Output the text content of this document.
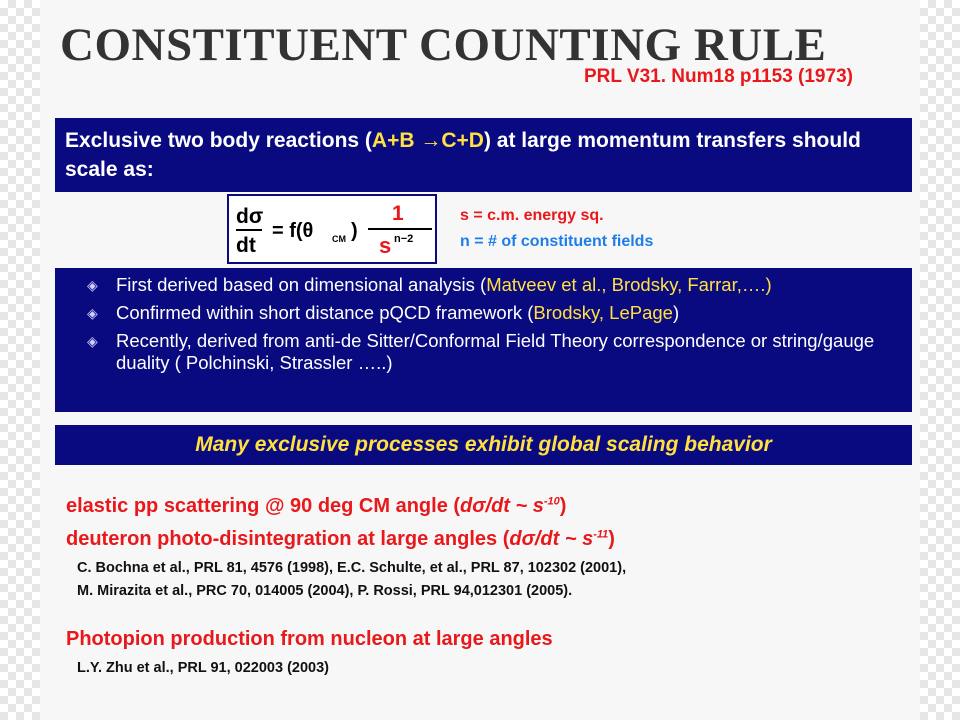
CONSTITUENT COUNTING RULE
PRL V31. Num18 p1153 (1973)
Exclusive two body reactions (A+B →C+D) at large momentum transfers should scale as:
dσ
dt
= f(θ CM )
1
s n−2
s = c.m. energy sq.
n = # of constituent fields
◈ First derived based on dimensional analysis (Matveev et al., Brodsky, Farrar,….)
◈ Confirmed within short distance pQCD framework (Brodsky, LePage)
◈ Recently, derived from anti-de Sitter/Conformal Field Theory correspondence or string/gauge duality ( Polchinski, Strassler …..)
Many exclusive processes exhibit global scaling behavior
elastic pp scattering @ 90 deg CM angle (dσ/dt ~ $s^{-10}$)
deuteron photo-disintegration at large angles (dσ/dt ~ $s^{-11}$)
C. Bochna et al., PRL 81, 4576 (1998), E.C. Schulte, et al., PRL 87, 102302 (2001),
M. Mirazita et al., PRC 70, 014005 (2004), P. Rossi, PRL 94,012301 (2005).
Photopion production from nucleon at large angles
L.Y. Zhu et al., PRL 91, 022003 (2003)
